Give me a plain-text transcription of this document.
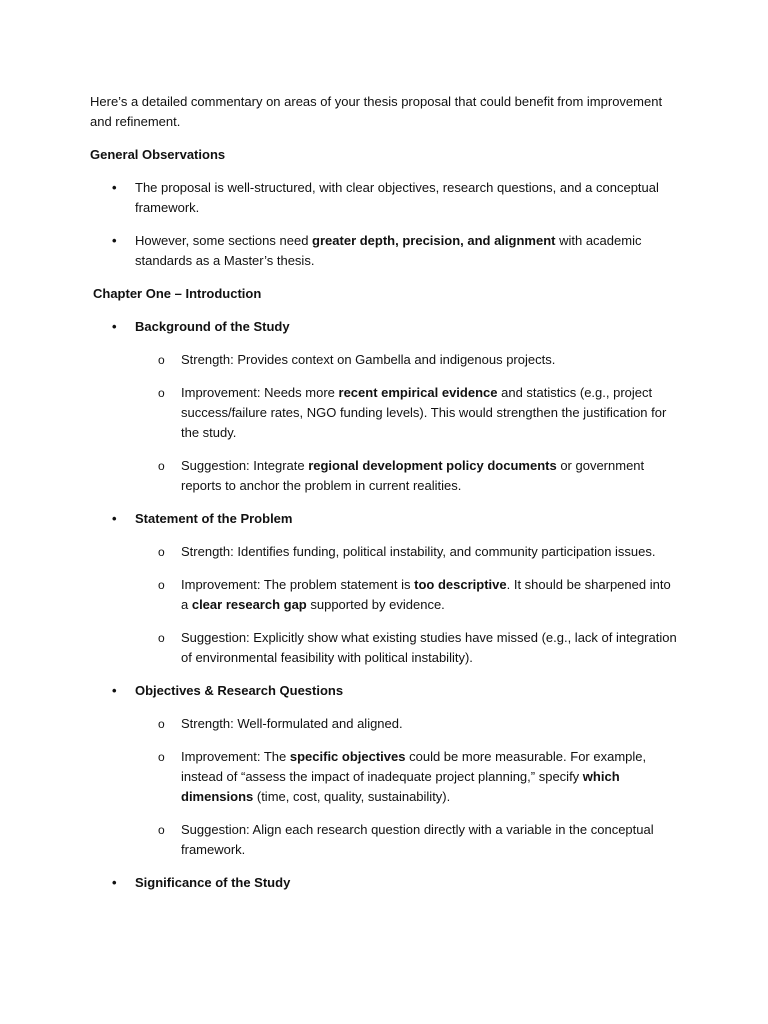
Here’s a detailed commentary on areas of your thesis proposal that could benefit from improvement and refinement.

General Observations

•	The proposal is well-structured, with clear objectives, research questions, and a conceptual framework.

•	However, some sections need greater depth, precision, and alignment with academic standards as a Master’s thesis.

Chapter One – Introduction

•	Background of the Study

o	Strength: Provides context on Gambella and indigenous projects.

o	Improvement: Needs more recent empirical evidence and statistics (e.g., project success/failure rates, NGO funding levels). This would strengthen the justification for the study.

o	Suggestion: Integrate regional development policy documents or government reports to anchor the problem in current realities.

•	Statement of the Problem

o	Strength: Identifies funding, political instability, and community participation issues.

o	Improvement: The problem statement is too descriptive. It should be sharpened into a clear research gap supported by evidence.

o	Suggestion: Explicitly show what existing studies have missed (e.g., lack of integration of environmental feasibility with political instability).

•	Objectives & Research Questions

o	Strength: Well-formulated and aligned.

o	Improvement: The specific objectives could be more measurable. For example, instead of “assess the impact of inadequate project planning,” specify which dimensions (time, cost, quality, sustainability).

o	Suggestion: Align each research question directly with a variable in the conceptual framework.

•	Significance of the Study
